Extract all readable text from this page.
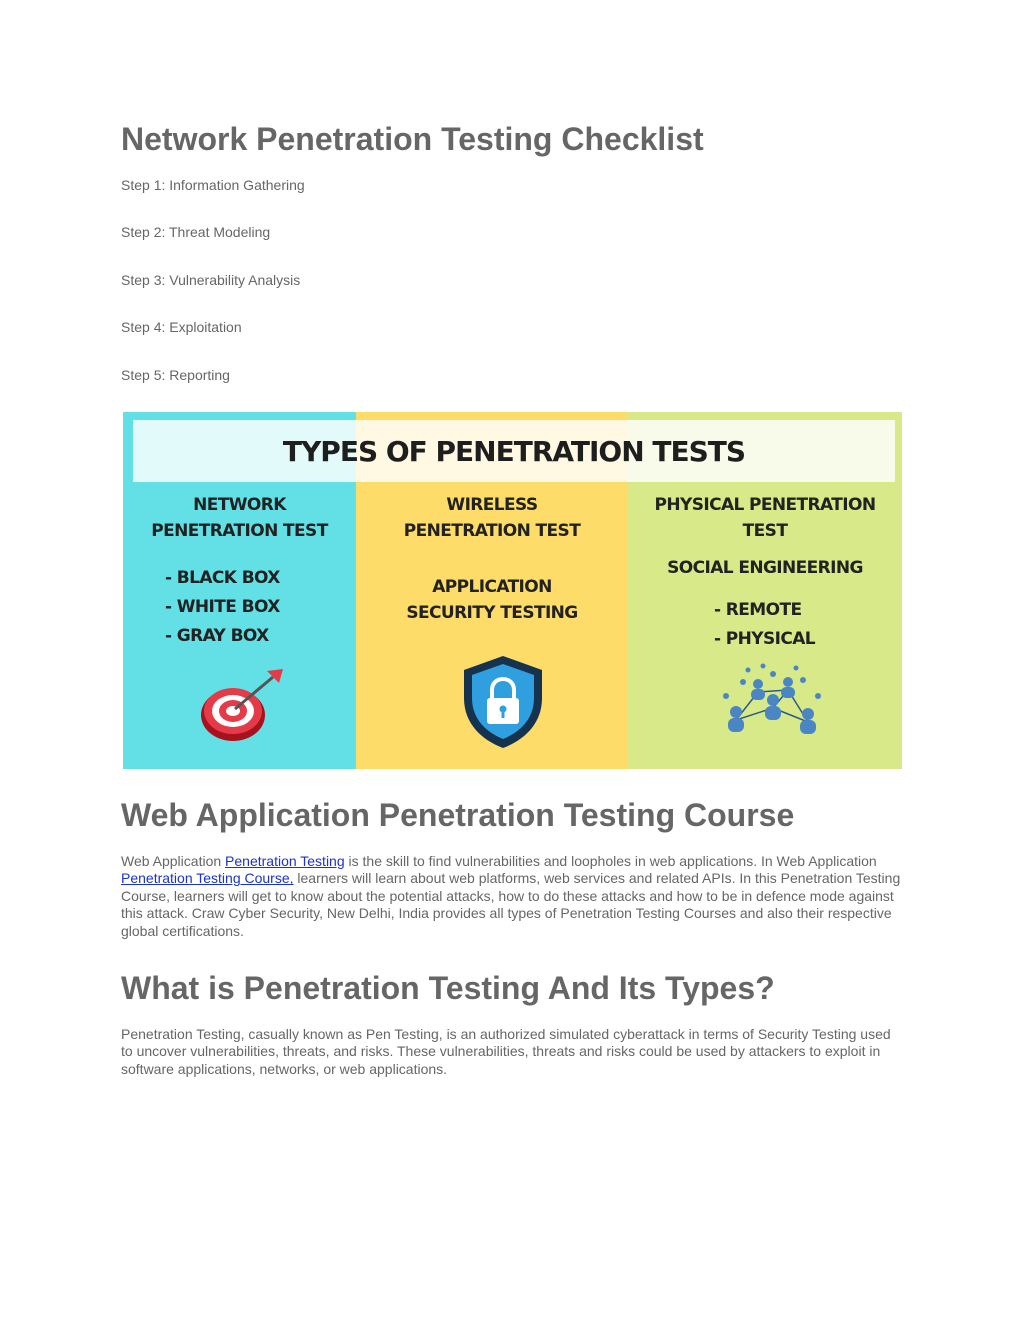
Network Penetration Testing Checklist
Step 1: Information Gathering
Step 2: Threat Modeling
Step 3: Vulnerability Analysis
Step 4: Exploitation
Step 5: Reporting
Web Application Penetration Testing Course

Web Application Penetration Testing is the skill to find vulnerabilities and loopholes in web applications. In Web Application Penetration Testing Course, learners will learn about web platforms, web services and related APIs. In this Penetration Testing Course, learners will get to know about the potential attacks, how to do these attacks and how to be in defence mode against this attack. Craw Cyber Security, New Delhi, India provides all types of Penetration Testing Courses and also their respective global certifications.

What is Penetration Testing And Its Types?

Penetration Testing, casually known as Pen Testing, is an authorized simulated cyberattack in terms of Security Testing used to uncover vulnerabilities, threats, and risks. These vulnerabilities, threats and risks could be used by attackers to exploit in software applications, networks, or web applications.

TYPES OF PENETRATION TESTS
NETWORK
PENETRATION TEST
- BLACK BOX
- WHITE BOX
- GRAY BOX
WIRELESS
PENETRATION TEST
APPLICATION
SECURITY TESTING
PHYSICAL PENETRATION
TEST
SOCIAL ENGINEERING
- REMOTE
- PHYSICAL
